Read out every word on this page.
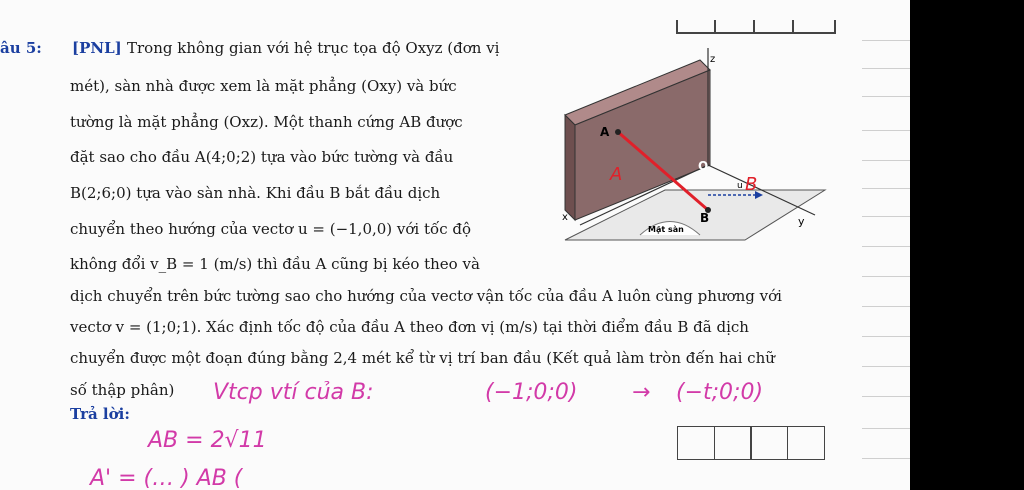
âu 5: [PNL] Trong không gian với hệ trục tọa độ Oxyz (đơn vị
mét), sàn nhà được xem là mặt phẳng (Oxy) và bức
tường là mặt phẳng (Oxz). Một thanh cứng AB được
đặt sao cho đầu A(4;0;2) tựa vào bức tường và đầu
B(2;6;0) tựa vào sàn nhà. Khi đầu B bắt đầu dịch
chuyển theo hướng của vectơ u = (−1,0,0) với tốc độ
không đổi v_B = 1 (m/s) thì đầu A cũng bị kéo theo và
dịch chuyển trên bức tường sao cho hướng của vectơ vận tốc của đầu A luôn cùng phương với
vectơ v = (1;0;1). Xác định tốc độ của đầu A theo đơn vị (m/s) tại thời điểm đầu B đã dịch
chuyển được một đoạn đúng bằng 2,4 mét kể từ vị trí ban đầu (Kết quả làm tròn đến hai chữ
số thập phân)
Trả lời:
z
x	y
A
B
O
u
Mặt sàn
A	B
Vtcp vtí của B:	(−1;0;0) → (−t;0;0)
AB = 2√11
A' = (… ) AB (
